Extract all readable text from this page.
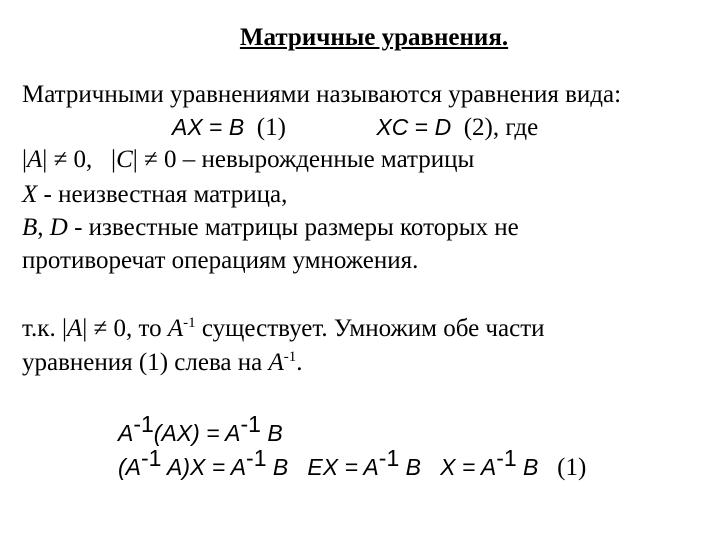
Матричные уравнения.
Матричными уравнениями называются уравнения вида:
AX = B  (1)	XC = D  (2), где
|A| ≠ 0,   |C| ≠ 0 – невырожденные матрицы
X - неизвестная матрица,
B, D - известные матрицы размеры которых не
противоречат операциям умножения.
т.к. |A| ≠ 0, то $A^{-1}$ существует. Умножим обе части
уравнения (1) слева на $A^{-1}$.
$A^{-1}(AX) = A^{-1}$ B
($A^{-1}$ $A)X = A^{-1}$ B   EX = $A^{-1}$ B   $X = A^{-1}$ B   (1)
